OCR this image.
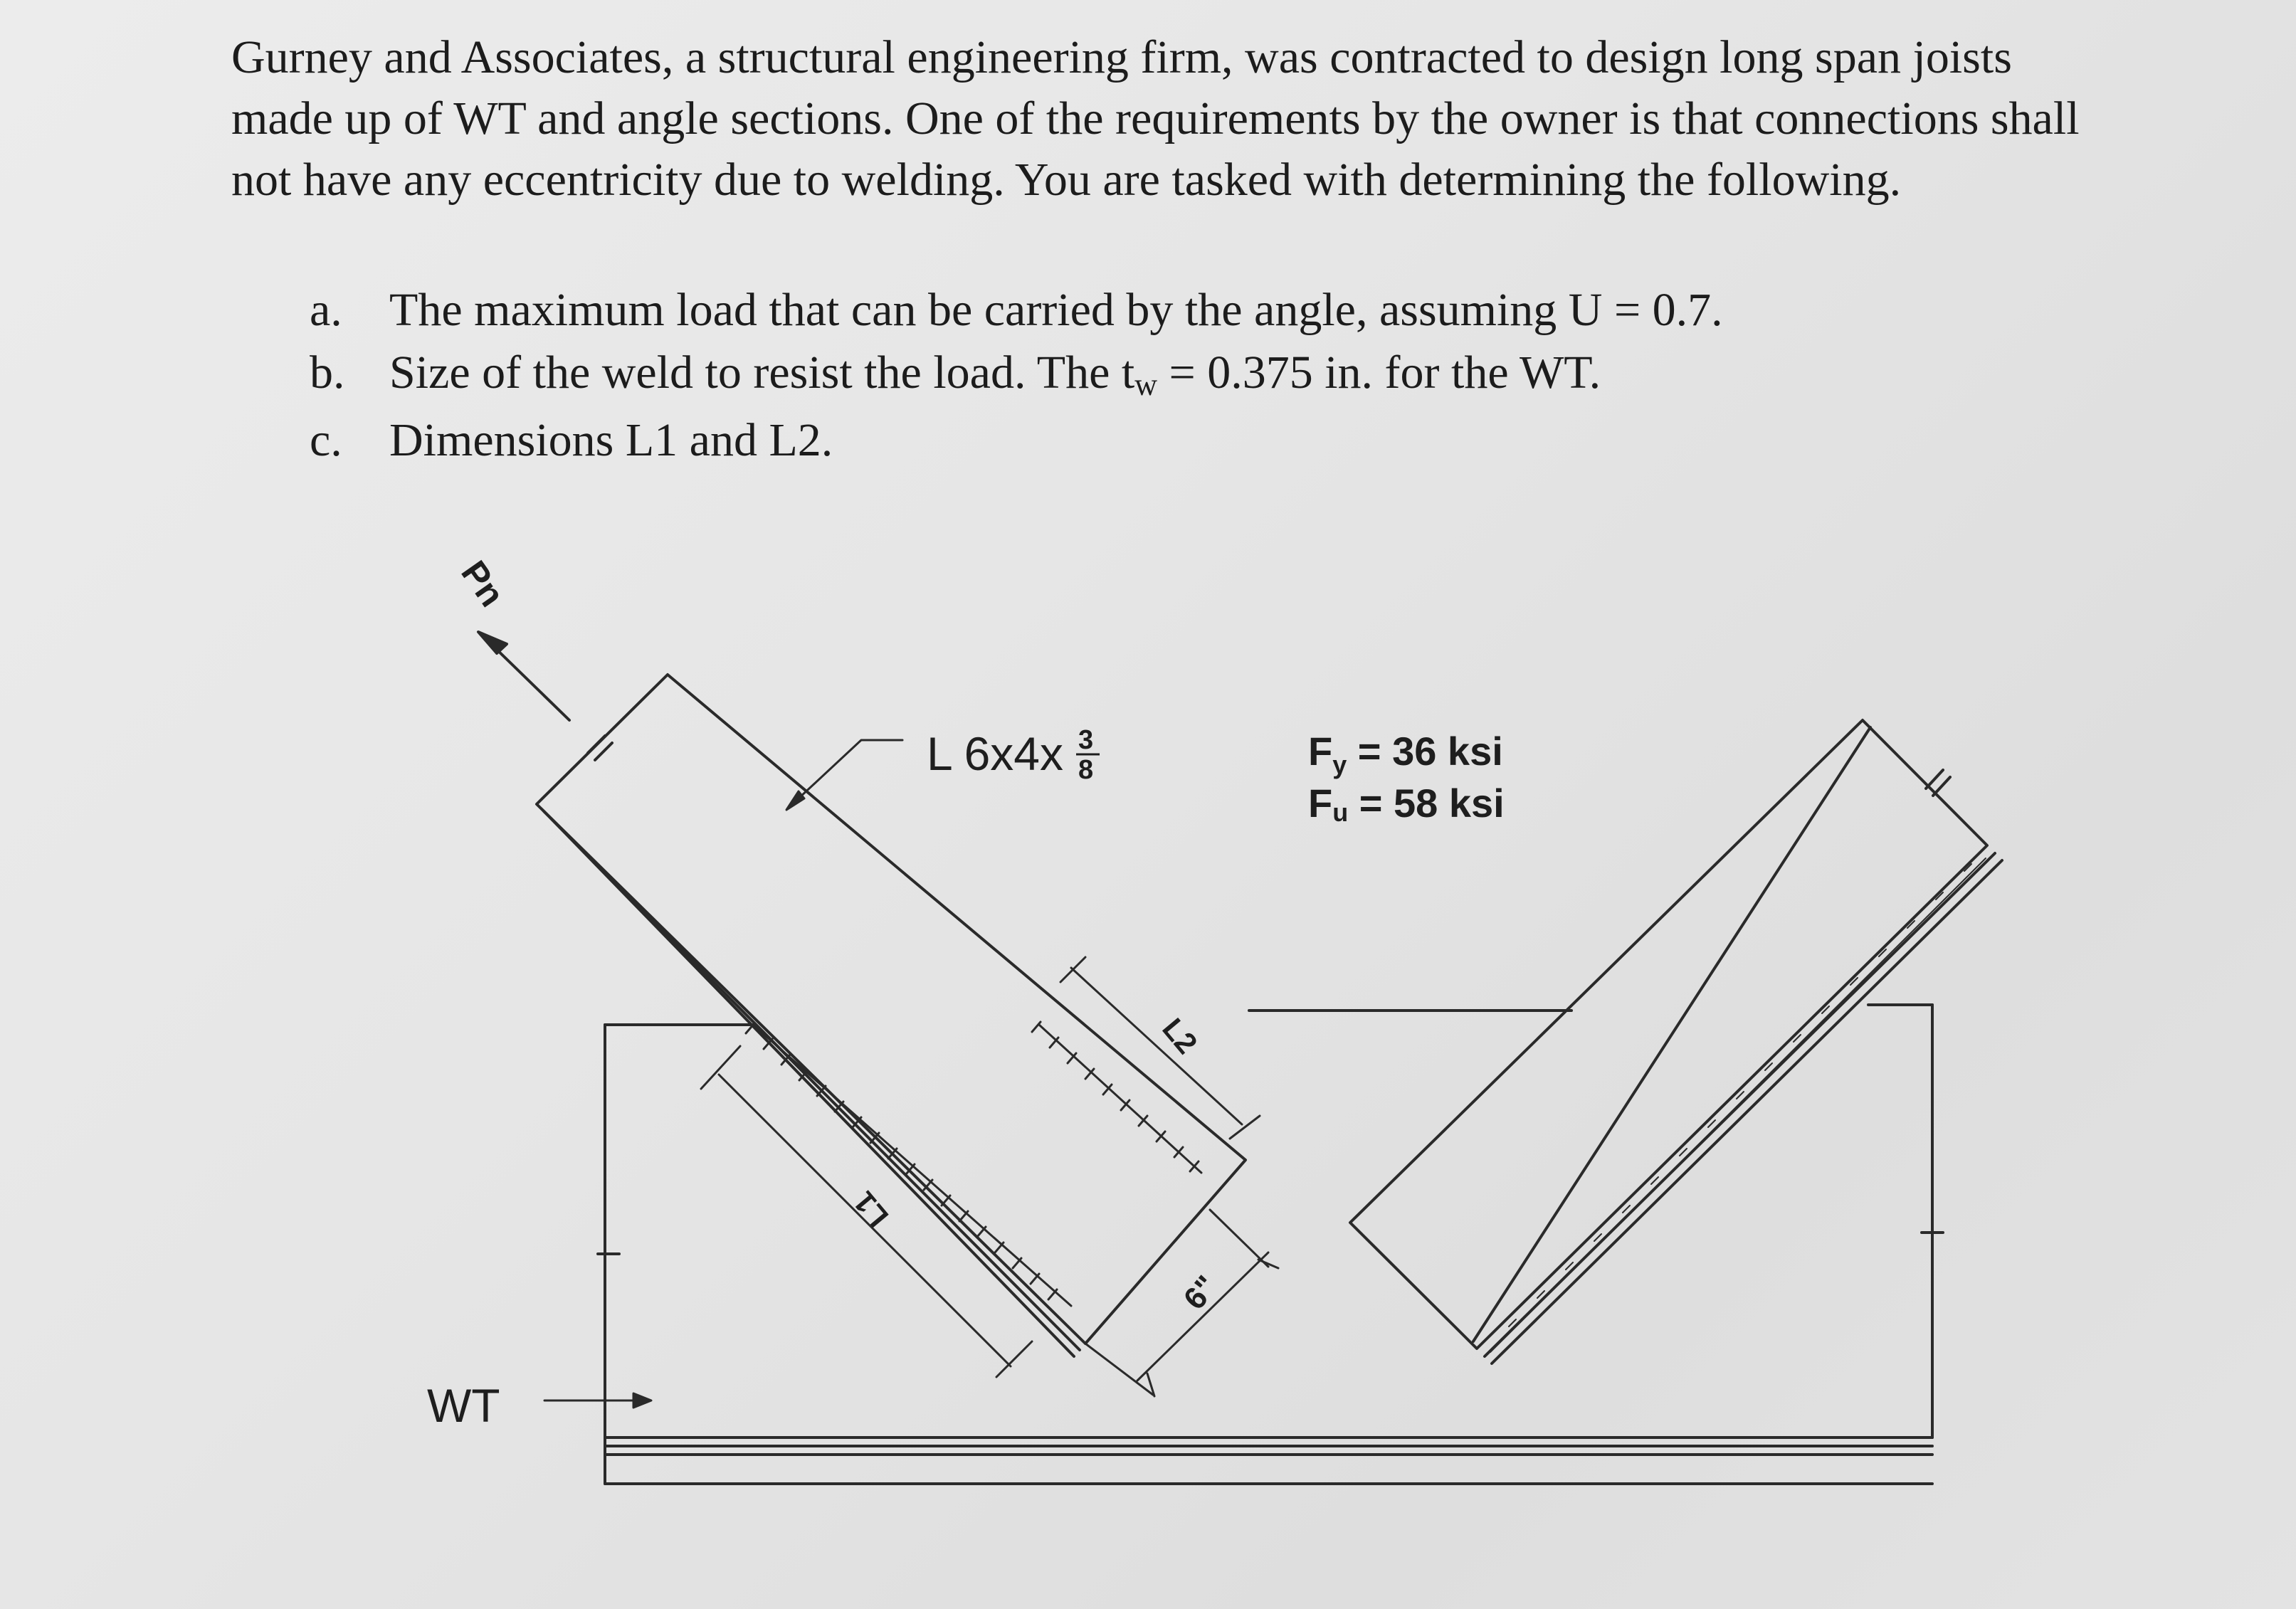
Gurney and Associates, a structural engineering firm, was contracted to design long span joists made up of WT and angle sections. One of the requirements by the owner is that connections shall not have any eccentricity due to welding. You are tasked with determining the following.

a.	The maximum load that can be carried by the angle, assuming U = 0.7.
b. Size of the weld to resist the load. The tw = 0.375 in. for the WT.
c.	Dimensions L1 and L2.
Pn
L 6x4x 3
8	$F_y = 36$ ksi
Fu = 58 ksi
L1
L2
6"
WT
